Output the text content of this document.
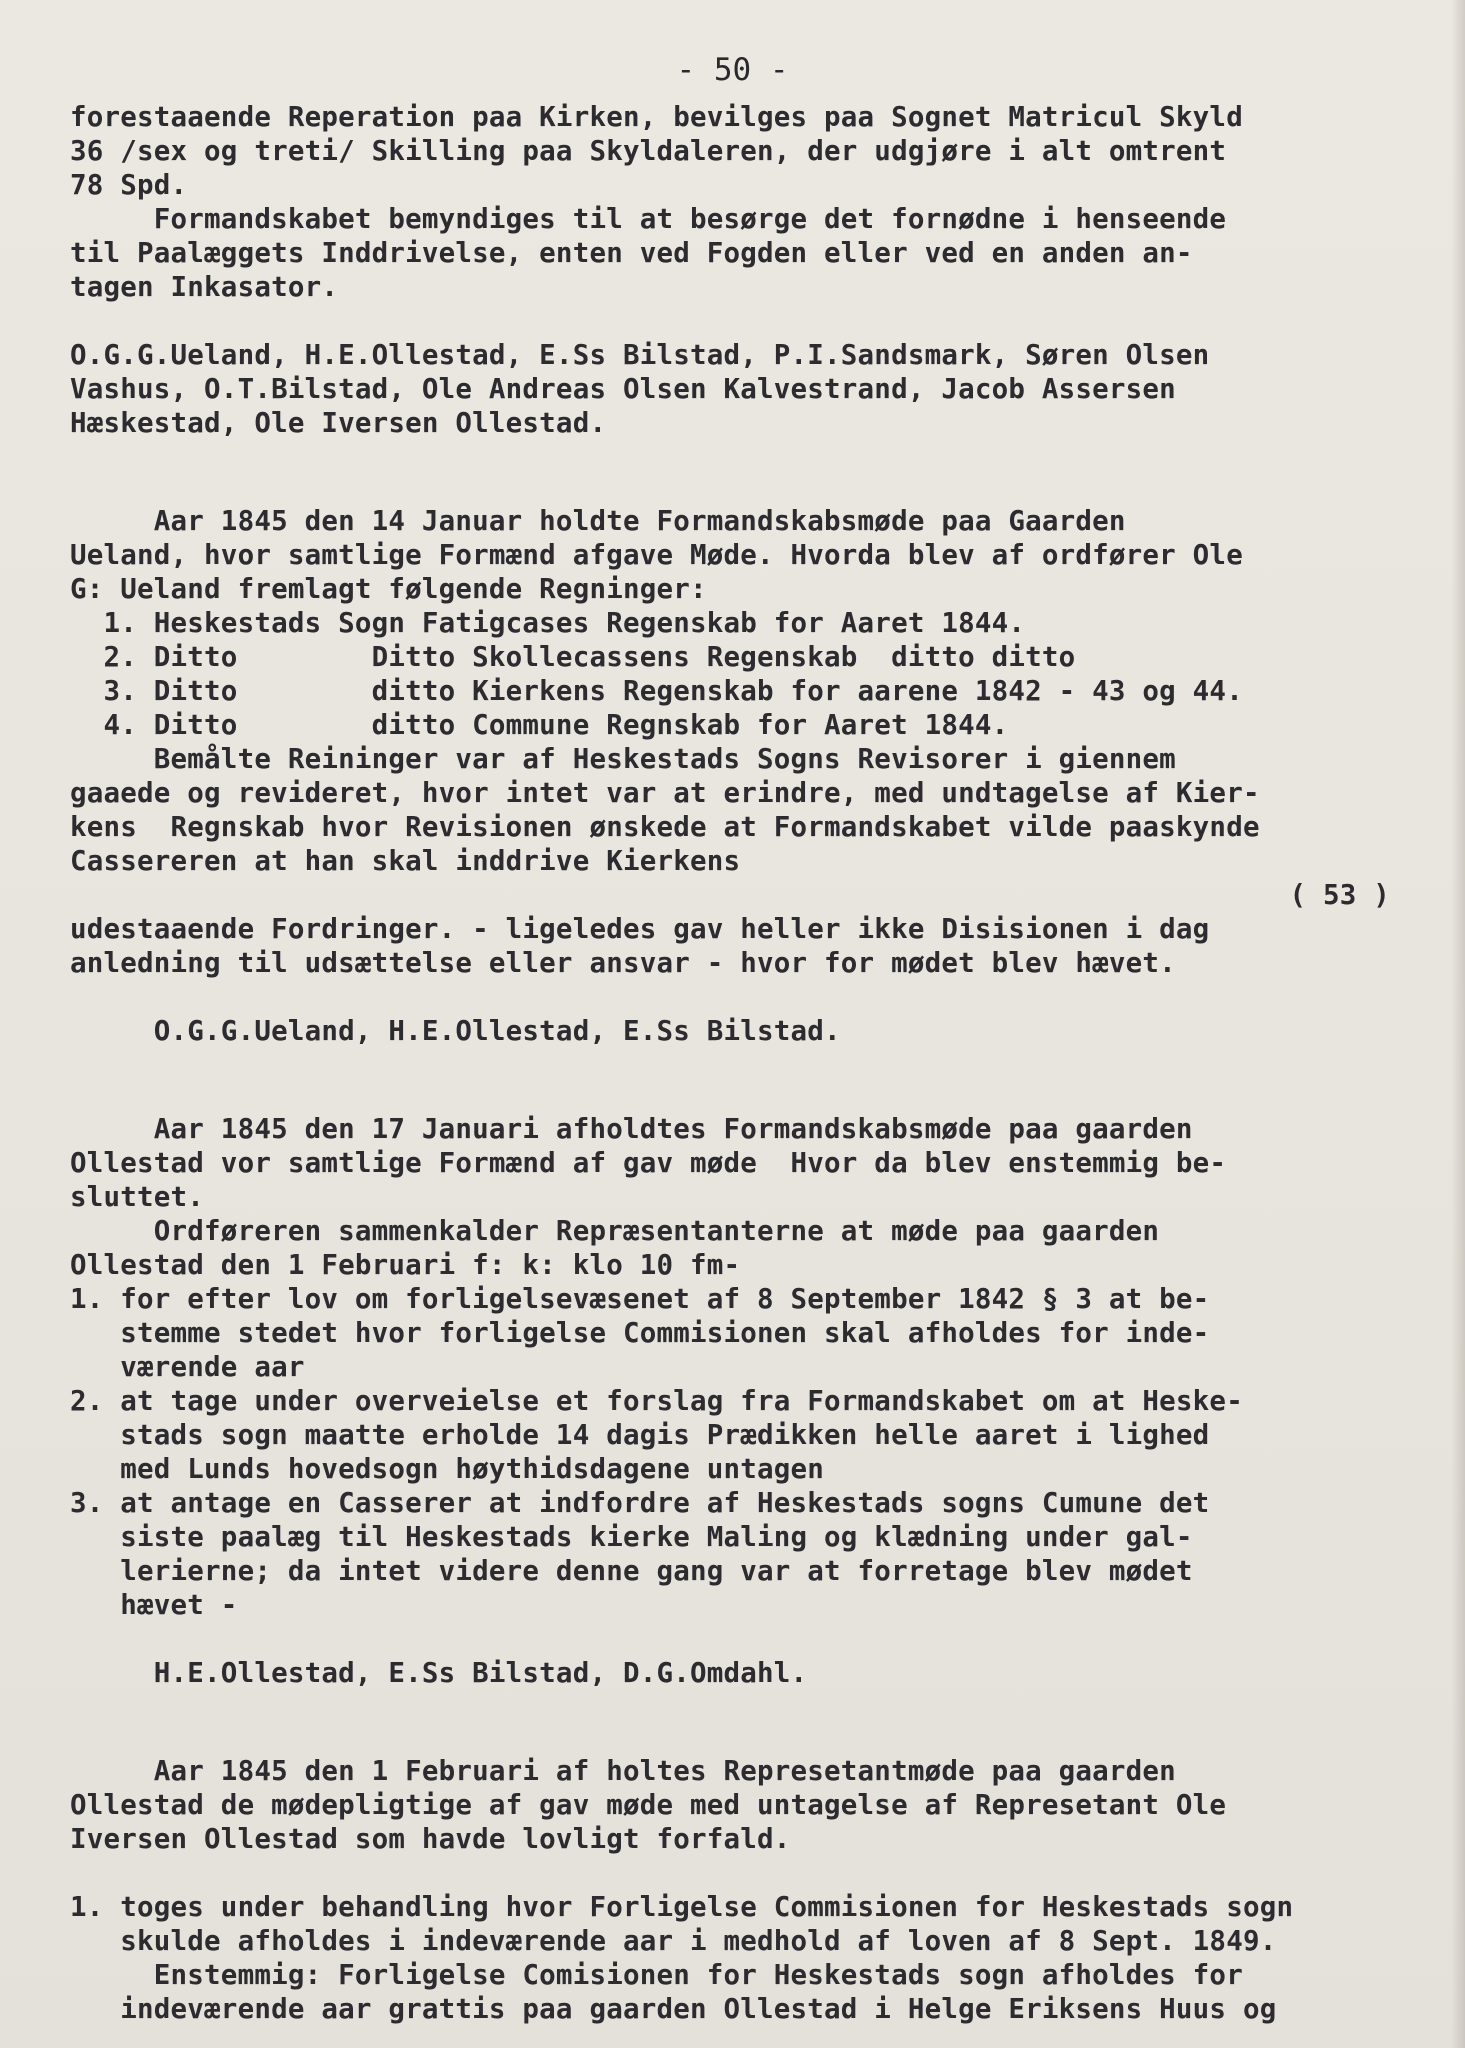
- 50 -
forestaaende Reperation paa Kirken, bevilges paa Sognet Matricul Skyld
36 /sex og treti/ Skilling paa Skyldaleren, der udgjøre i alt omtrent
78 Spd.
Formandskabet bemyndiges til at besørge det fornødne i henseende
til Paalæggets Inddrivelse, enten ved Fogden eller ved en anden an-
tagen Inkasator.
O.G.G.Ueland, H.E.Ollestad, E.Ss Bilstad, P.I.Sandsmark, Søren Olsen
Vashus, O.T.Bilstad, Ole Andreas Olsen Kalvestrand, Jacob Assersen
Hæskestad, Ole Iversen Ollestad.
Aar 1845 den 14 Januar holdte Formandskabsmøde paa Gaarden
Ueland, hvor samtlige Formænd afgave Møde. Hvorda blev af ordfører Ole
G: Ueland fremlagt følgende Regninger:
1. Heskestads Sogn Fatigcases Regenskab for Aaret 1844.
2. Ditto        Ditto Skollecassens Regenskab  ditto ditto
3. Ditto        ditto Kierkens Regenskab for aarene 1842 - 43 og 44.
4. Ditto        ditto Commune Regnskab for Aaret 1844.
Bemålte Reininger var af Heskestads Sogns Revisorer i giennem
gaaede og revideret, hvor intet var at erindre, med undtagelse af Kier-
kens  Regnskab hvor Revisionen ønskede at Formandskabet vilde paaskynde
Cassereren at han skal inddrive Kierkens
( 53 )
udestaaende Fordringer. - ligeledes gav heller ikke Disisionen i dag
anledning til udsættelse eller ansvar - hvor for mødet blev hævet.
O.G.G.Ueland, H.E.Ollestad, E.Ss Bilstad.
Aar 1845 den 17 Januari afholdtes Formandskabsmøde paa gaarden
Ollestad vor samtlige Formænd af gav møde  Hvor da blev enstemmig be-
sluttet.
Ordføreren sammenkalder Repræsentanterne at møde paa gaarden
Ollestad den 1 Februari f: k: klo 10 fm-
1. for efter lov om forligelsevæsenet af 8 September 1842 § 3 at be-
stemme stedet hvor forligelse Commisionen skal afholdes for inde-
værende aar
2. at tage under overveielse et forslag fra Formandskabet om at Heske-
stads sogn maatte erholde 14 dagis Prædikken helle aaret i lighed
med Lunds hovedsogn høythidsdagene untagen
3. at antage en Casserer at indfordre af Heskestads sogns Cumune det
siste paalæg til Heskestads kierke Maling og klædning under gal-
lerierne; da intet videre denne gang var at forretage blev mødet
hævet -
H.E.Ollestad, E.Ss Bilstad, D.G.Omdahl.
Aar 1845 den 1 Februari af holtes Represetantmøde paa gaarden
Ollestad de mødepligtige af gav møde med untagelse af Represetant Ole
Iversen Ollestad som havde lovligt forfald.
1. toges under behandling hvor Forligelse Commisionen for Heskestads sogn
skulde afholdes i indeværende aar i medhold af loven af 8 Sept. 1849.
Enstemmig: Forligelse Comisionen for Heskestads sogn afholdes for
indeværende aar grattis paa gaarden Ollestad i Helge Eriksens Huus og
